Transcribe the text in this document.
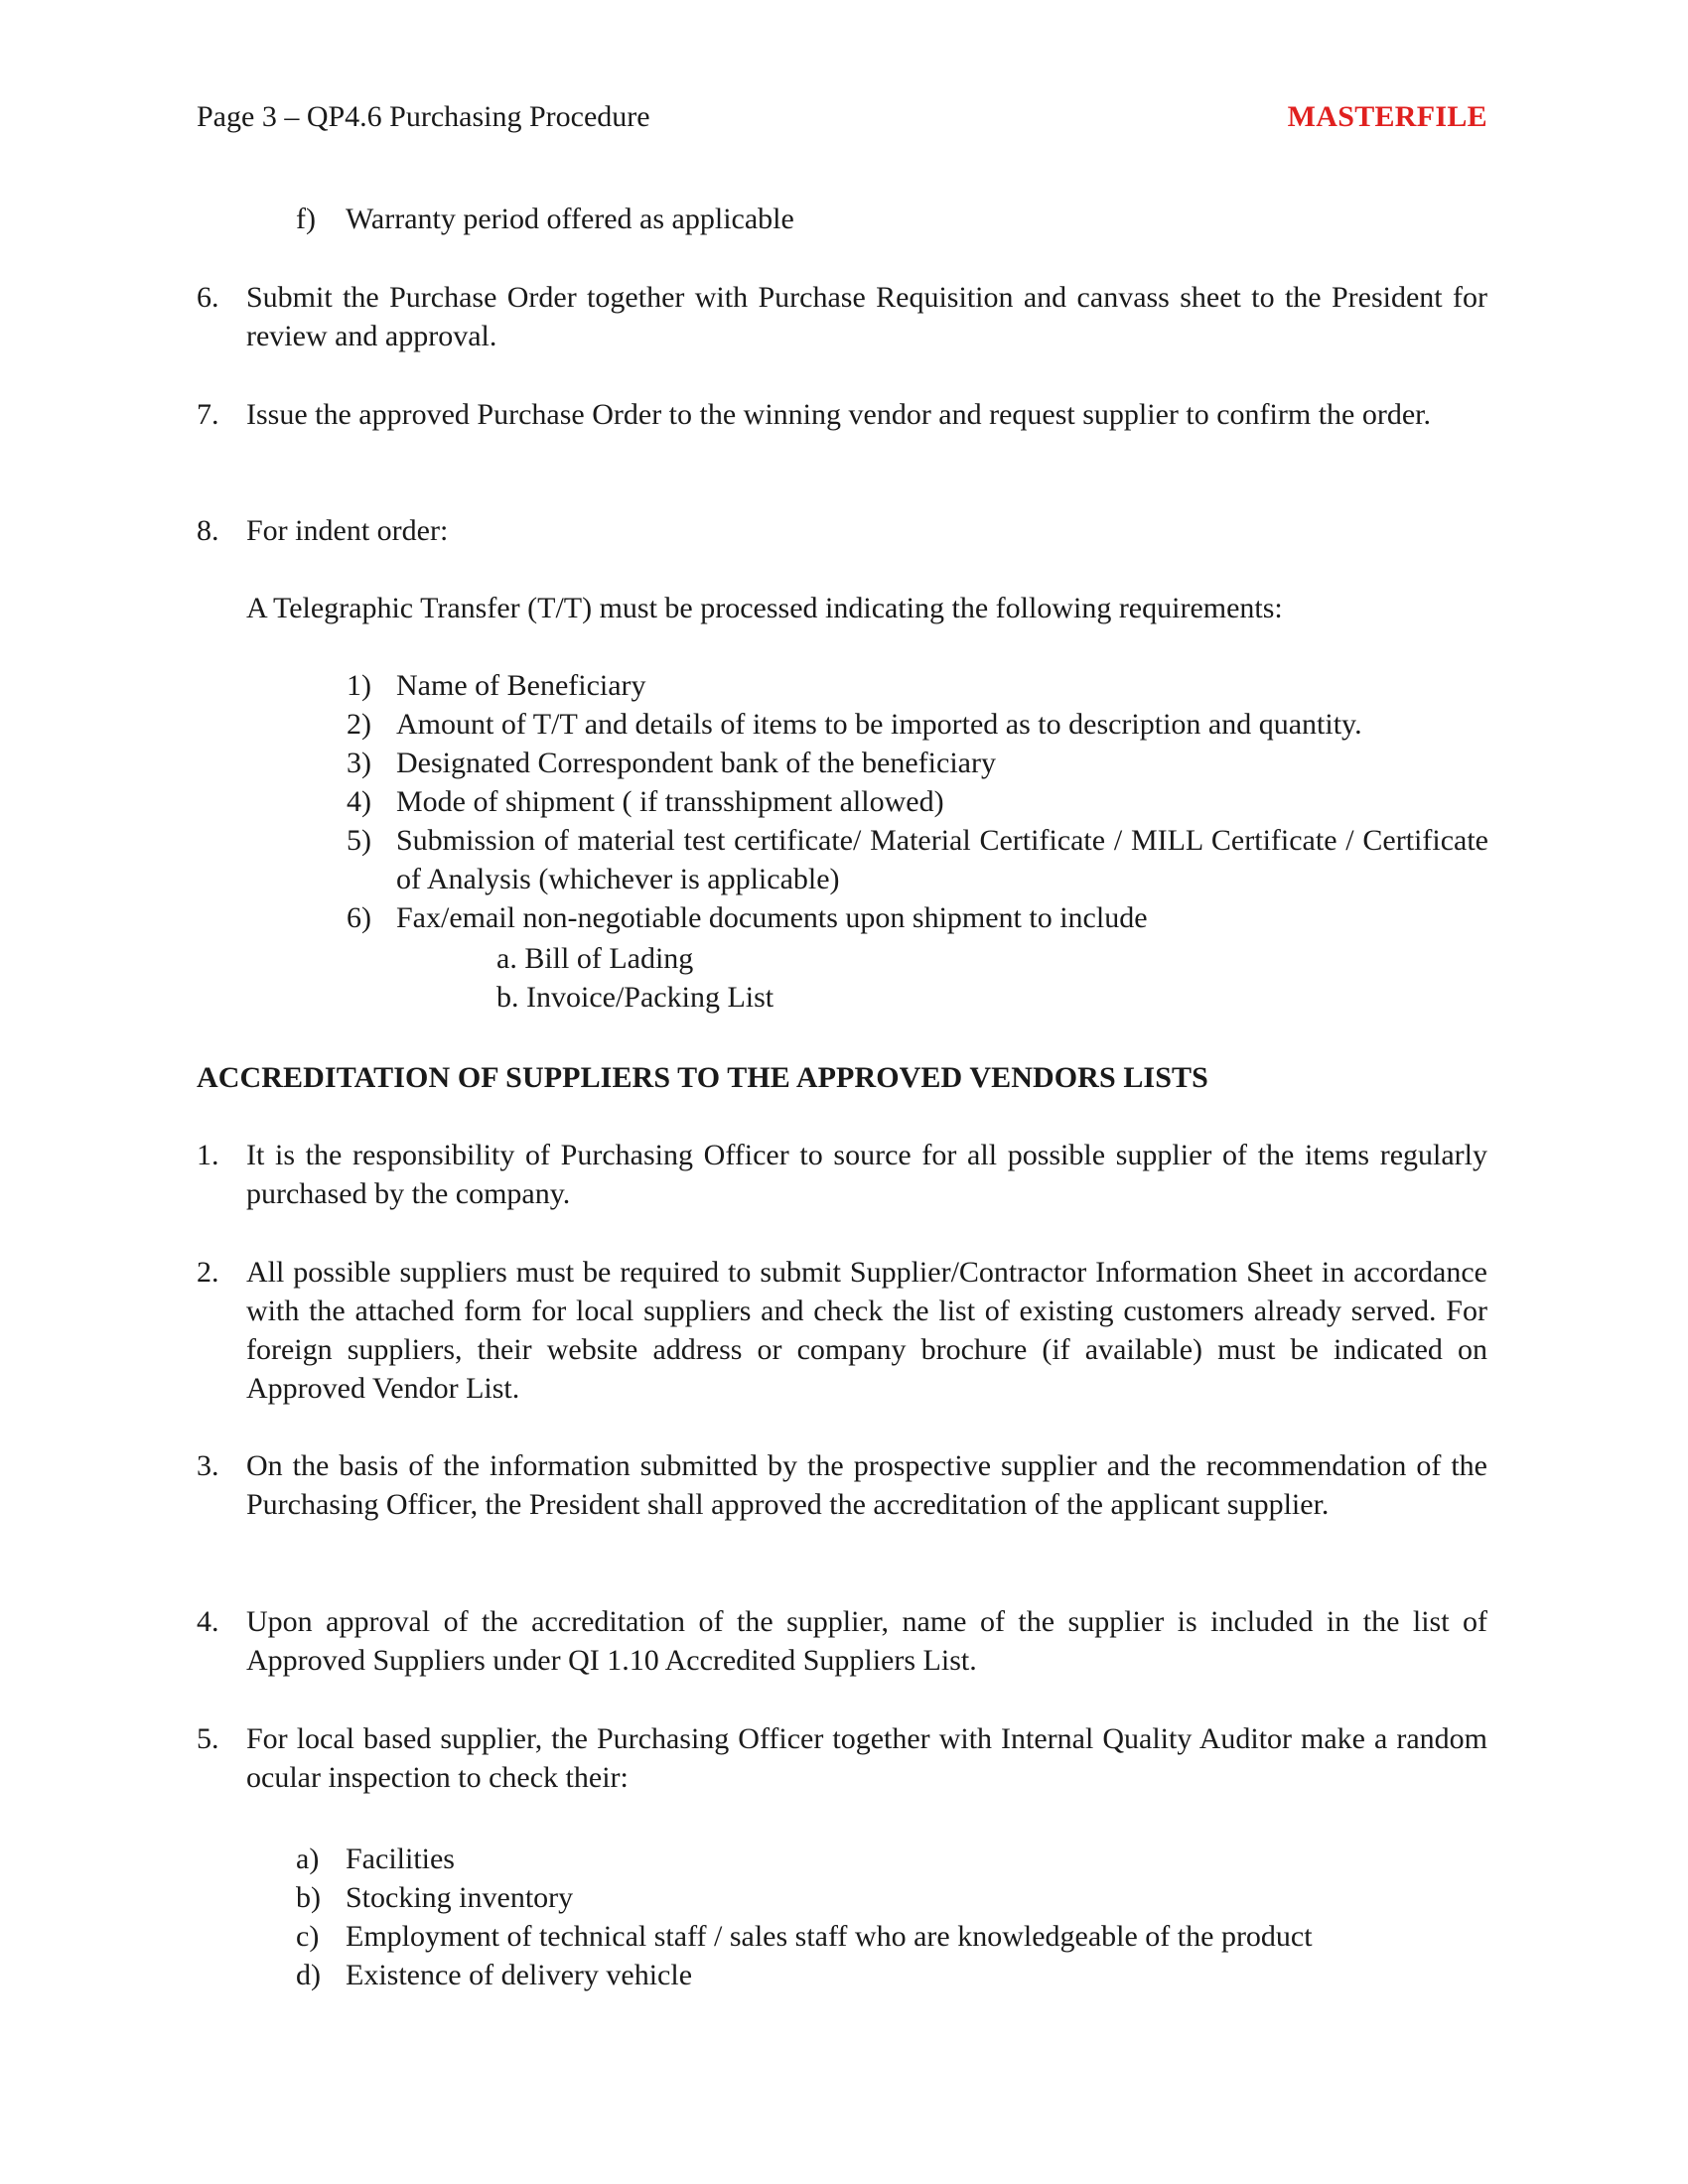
Page 3 – QP4.6 Purchasing Procedure	MASTERFILE
f) Warranty period offered as applicable
6. Submit the Purchase Order together with Purchase Requisition and canvass sheet to the President for review and approval.
7. Issue the approved Purchase Order to the winning vendor and request supplier to confirm the order.
8. For indent order:
A Telegraphic Transfer (T/T) must be processed indicating the following requirements:
1) Name of Beneficiary
2) Amount of T/T and details of items to be imported as to description and quantity.
3) Designated Correspondent bank of the beneficiary
4) Mode of shipment ( if transshipment allowed)
5) Submission of material test certificate/ Material Certificate / MILL Certificate / Certificate of Analysis (whichever is applicable)
6) Fax/email non-negotiable documents upon shipment to include
a. Bill of Lading
b. Invoice/Packing List
ACCREDITATION OF SUPPLIERS TO THE APPROVED VENDORS LISTS
1. It is the responsibility of Purchasing Officer to source for all possible supplier of the items regularly purchased by the company.
2. All possible suppliers must be required to submit Supplier/Contractor Information Sheet in accordance with the attached form for local suppliers and check the list of existing customers already served. For foreign suppliers, their website address or company brochure (if available) must be indicated on Approved Vendor List.
3. On the basis of the information submitted by the prospective supplier and the recommendation of the Purchasing Officer, the President shall approved the accreditation of the applicant supplier.
4. Upon approval of the accreditation of the supplier, name of the supplier is included in the list of Approved Suppliers under QI 1.10 Accredited Suppliers List.
5. For local based supplier, the Purchasing Officer together with Internal Quality Auditor make a random ocular inspection to check their:
a) Facilities
b) Stocking inventory
c) Employment of technical staff / sales staff who are knowledgeable of the product
d) Existence of delivery vehicle
